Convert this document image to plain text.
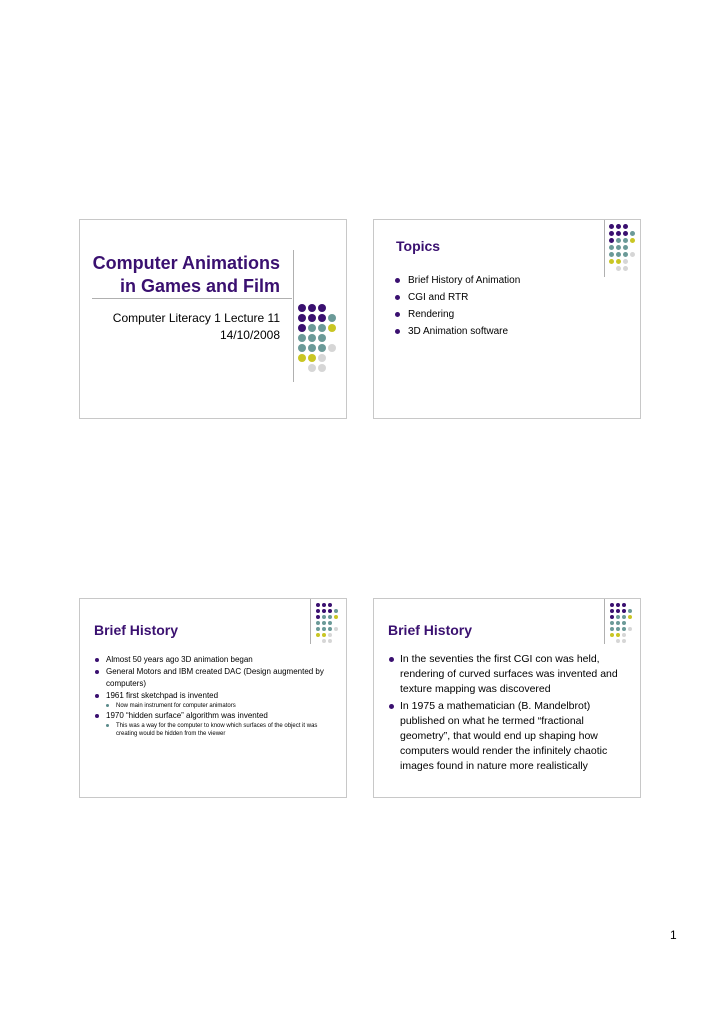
Computer Animations
in Games and Film
Computer Literacy 1 Lecture 11
14/10/2008
Topics
Brief History of Animation
CGI and RTR
Rendering
3D Animation software
Brief History
Almost 50 years ago 3D animation began
General Motors and IBM created DAC (Design augmented by computers)
1961 first sketchpad is invented
Now main instrument for computer animators
1970 “hidden surface” algorithm was invented
This was a way for the computer to know which surfaces of the object it was creating would be hidden from the viewer
Brief History
In the seventies the first CGI con was held, rendering of curved surfaces was invented and texture mapping was discovered
In 1975 a mathematician (B. Mandelbrot) published on what he termed “fractional geometry”, that would end up shaping how computers would render the infinitely chaotic images found in nature more realistically
1
